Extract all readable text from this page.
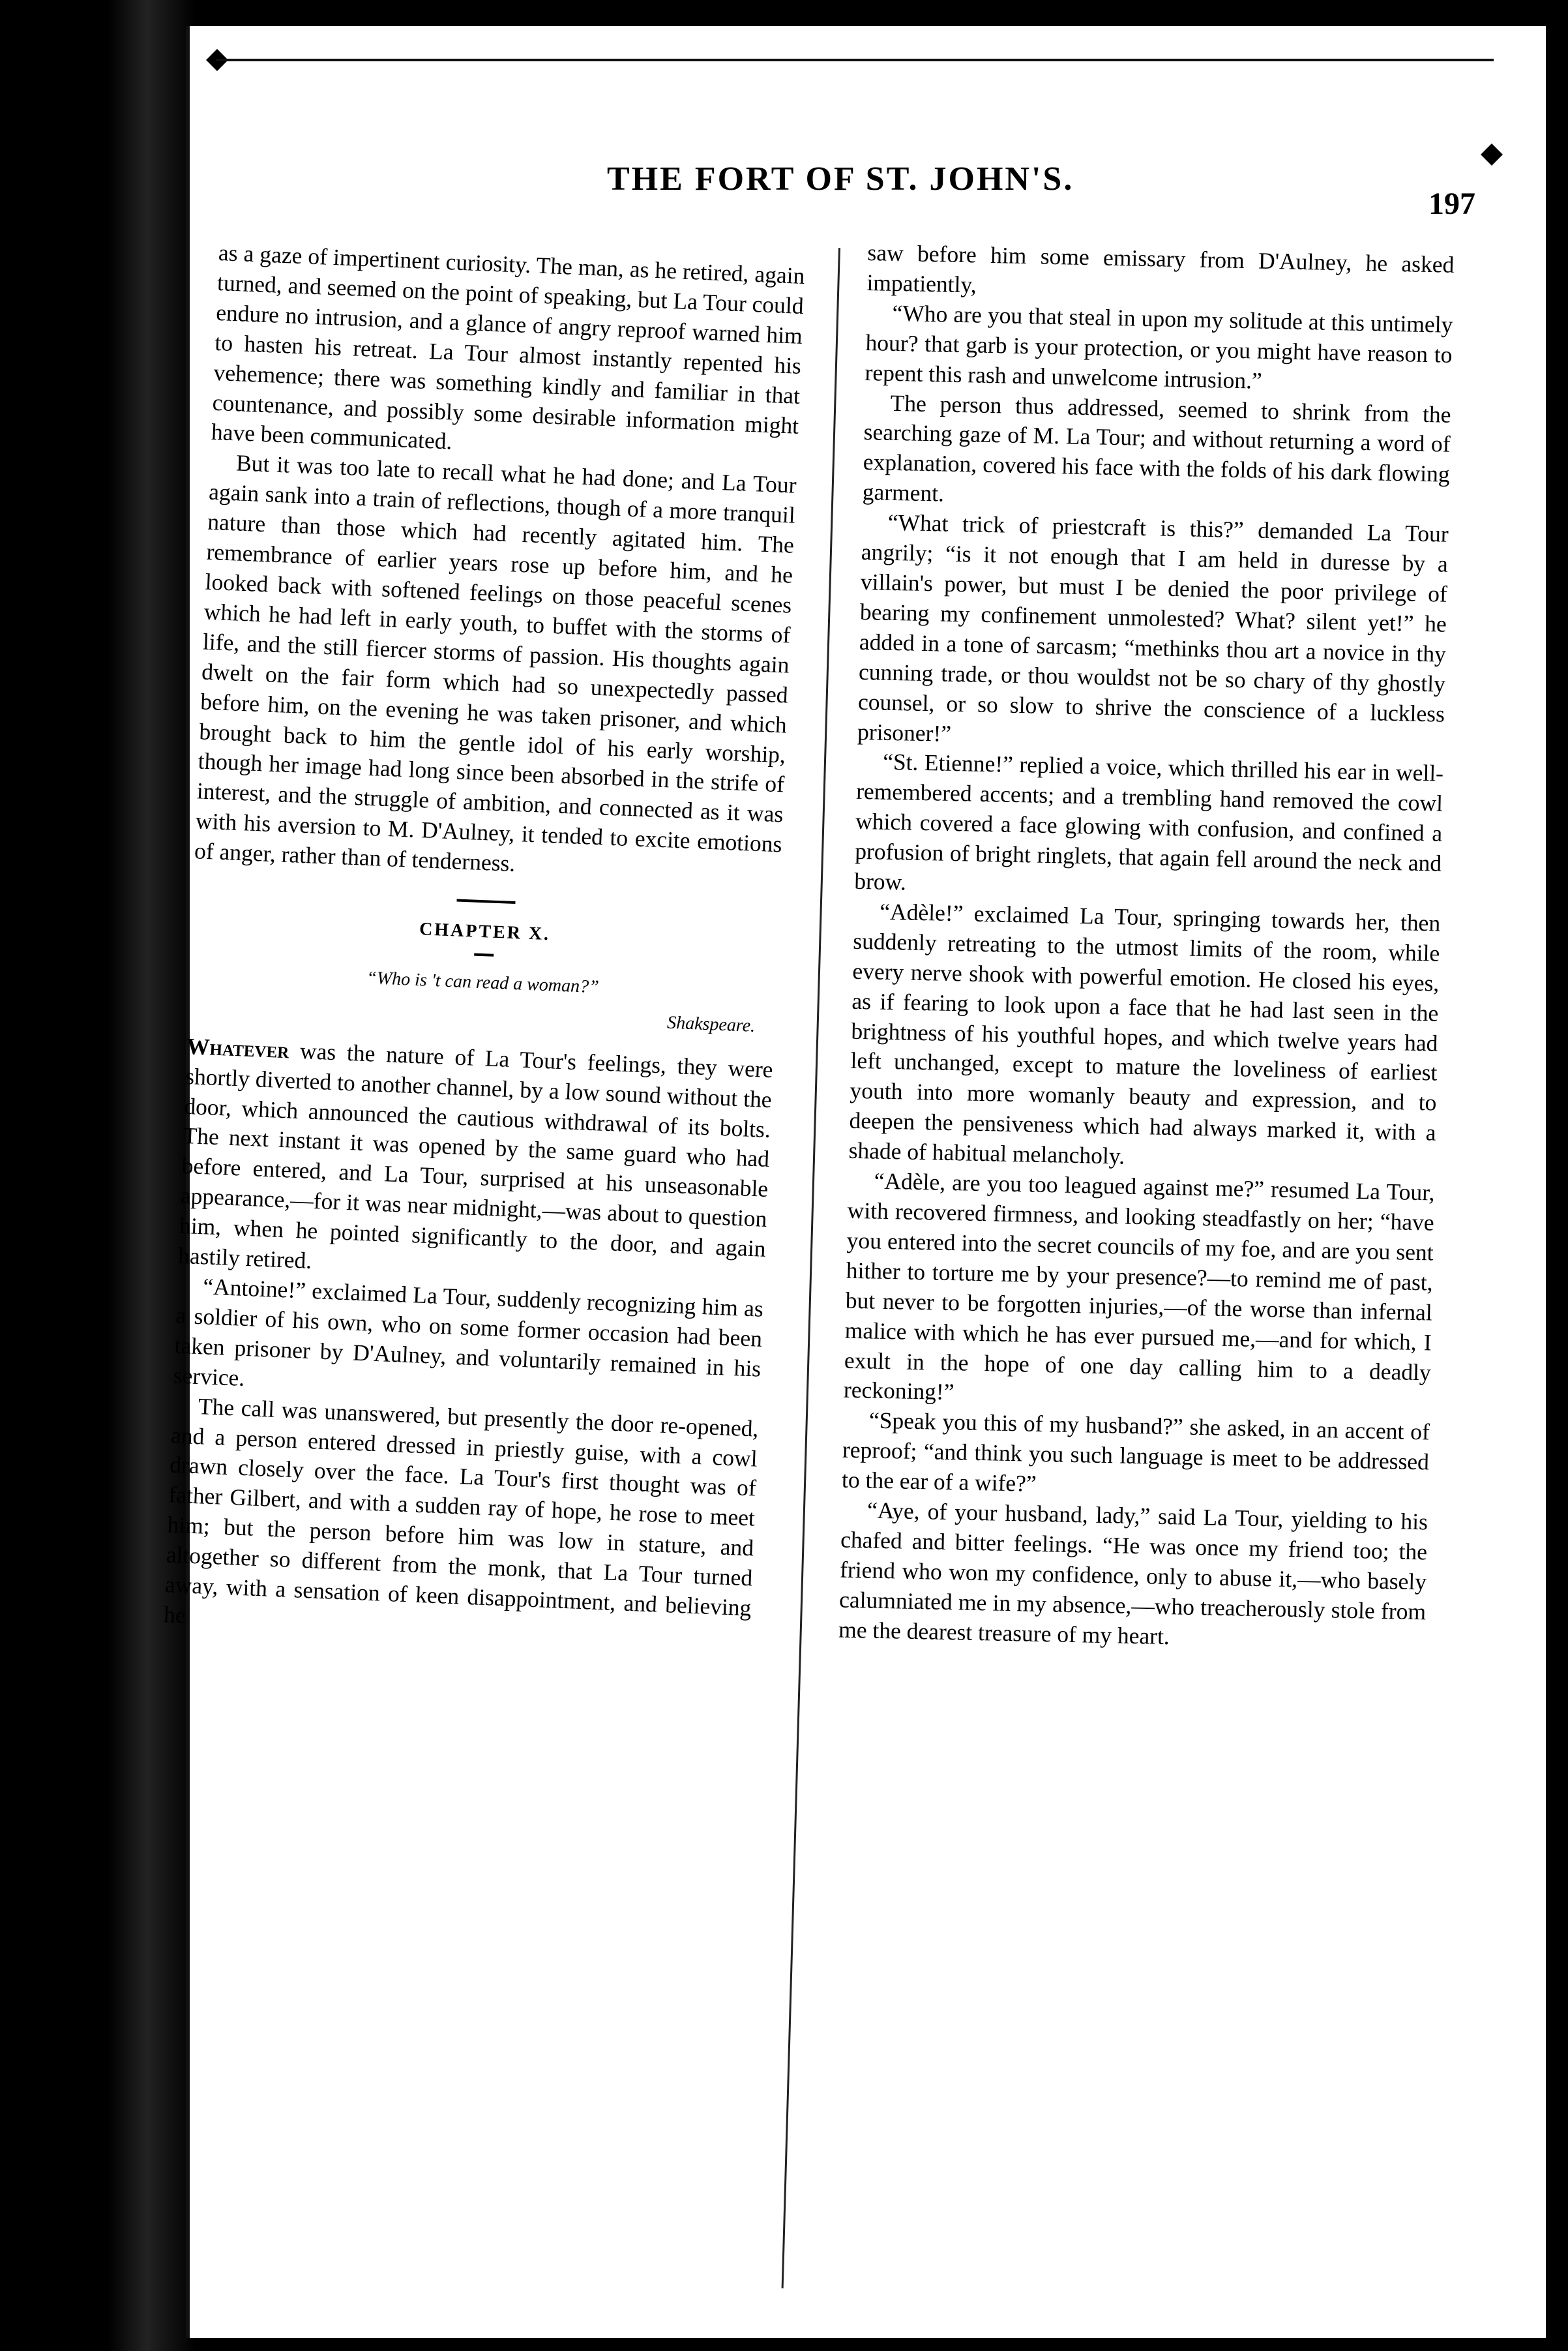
THE FORT OF ST. JOHN'S.
197

as a gaze of impertinent curiosity. The man, as he retired, again turned, and seemed on the point of speaking, but La Tour could endure no intrusion, and a glance of angry reproof warned him to hasten his retreat. La Tour almost instantly repented his vehemence; there was something kindly and familiar in that countenance, and possibly some desirable information might have been communicated.

But it was too late to recall what he had done; and La Tour again sank into a train of reflections, though of a more tranquil nature than those which had recently agitated him. The remembrance of earlier years rose up before him, and he looked back with softened feelings on those peaceful scenes which he had left in early youth, to buffet with the storms of life, and the still fiercer storms of passion. His thoughts again dwelt on the fair form which had so unexpectedly passed before him, on the evening he was taken prisoner, and which brought back to him the gentle idol of his early worship, though her image had long since been absorbed in the strife of interest, and the struggle of ambition, and connected as it was with his aversion to M. D'Aulney, it tended to excite emotions of anger, rather than of tenderness.

CHAPTER X.
“Who is 't can read a woman?”
Shakspeare.

Whatever was the nature of La Tour's feelings, they were shortly diverted to another channel, by a low sound without the door, which announced the cautious withdrawal of its bolts. The next instant it was opened by the same guard who had before entered, and La Tour, surprised at his unseasonable appearance,—for it was near midnight,—was about to question him, when he pointed significantly to the door, and again hastily retired.

“Antoine!” exclaimed La Tour, suddenly recognizing him as a soldier of his own, who on some former occasion had been taken prisoner by D'Aulney, and voluntarily remained in his service.

The call was unanswered, but presently the door re-opened, and a person entered dressed in priestly guise, with a cowl drawn closely over the face. La Tour's first thought was of father Gilbert, and with a sudden ray of hope, he rose to meet him; but the person before him was low in stature, and altogether so different from the monk, that La Tour turned away, with a sensation of keen disappointment, and believing he

saw before him some emissary from D'Aulney, he asked impatiently,

“Who are you that steal in upon my solitude at this untimely hour? that garb is your protection, or you might have reason to repent this rash and unwelcome intrusion.”

The person thus addressed, seemed to shrink from the searching gaze of M. La Tour; and without returning a word of explanation, covered his face with the folds of his dark flowing garment.

“What trick of priestcraft is this?” demanded La Tour angrily; “is it not enough that I am held in duresse by a villain's power, but must I be denied the poor privilege of bearing my confinement unmolested? What? silent yet!” he added in a tone of sarcasm; “methinks thou art a novice in thy cunning trade, or thou wouldst not be so chary of thy ghostly counsel, or so slow to shrive the conscience of a luckless prisoner!”

“St. Etienne!” replied a voice, which thrilled his ear in well-remembered accents; and a trembling hand removed the cowl which covered a face glowing with confusion, and confined a profusion of bright ringlets, that again fell around the neck and brow.

“Adèle!” exclaimed La Tour, springing towards her, then suddenly retreating to the utmost limits of the room, while every nerve shook with powerful emotion. He closed his eyes, as if fearing to look upon a face that he had last seen in the brightness of his youthful hopes, and which twelve years had left unchanged, except to mature the loveliness of earliest youth into more womanly beauty and expression, and to deepen the pensiveness which had always marked it, with a shade of habitual melancholy.

“Adèle, are you too leagued against me?” resumed La Tour, with recovered firmness, and looking steadfastly on her; “have you entered into the secret councils of my foe, and are you sent hither to torture me by your presence?—to remind me of past, but never to be forgotten injuries,—of the worse than infernal malice with which he has ever pursued me,—and for which, I exult in the hope of one day calling him to a deadly reckoning!”

“Speak you this of my husband?” she asked, in an accent of reproof; “and think you such language is meet to be addressed to the ear of a wife?”

“Aye, of your husband, lady,” said La Tour, yielding to his chafed and bitter feelings. “He was once my friend too; the friend who won my confidence, only to abuse it,—who basely calumniated me in my absence,—who treacherously stole from me the dearest treasure of my heart.
